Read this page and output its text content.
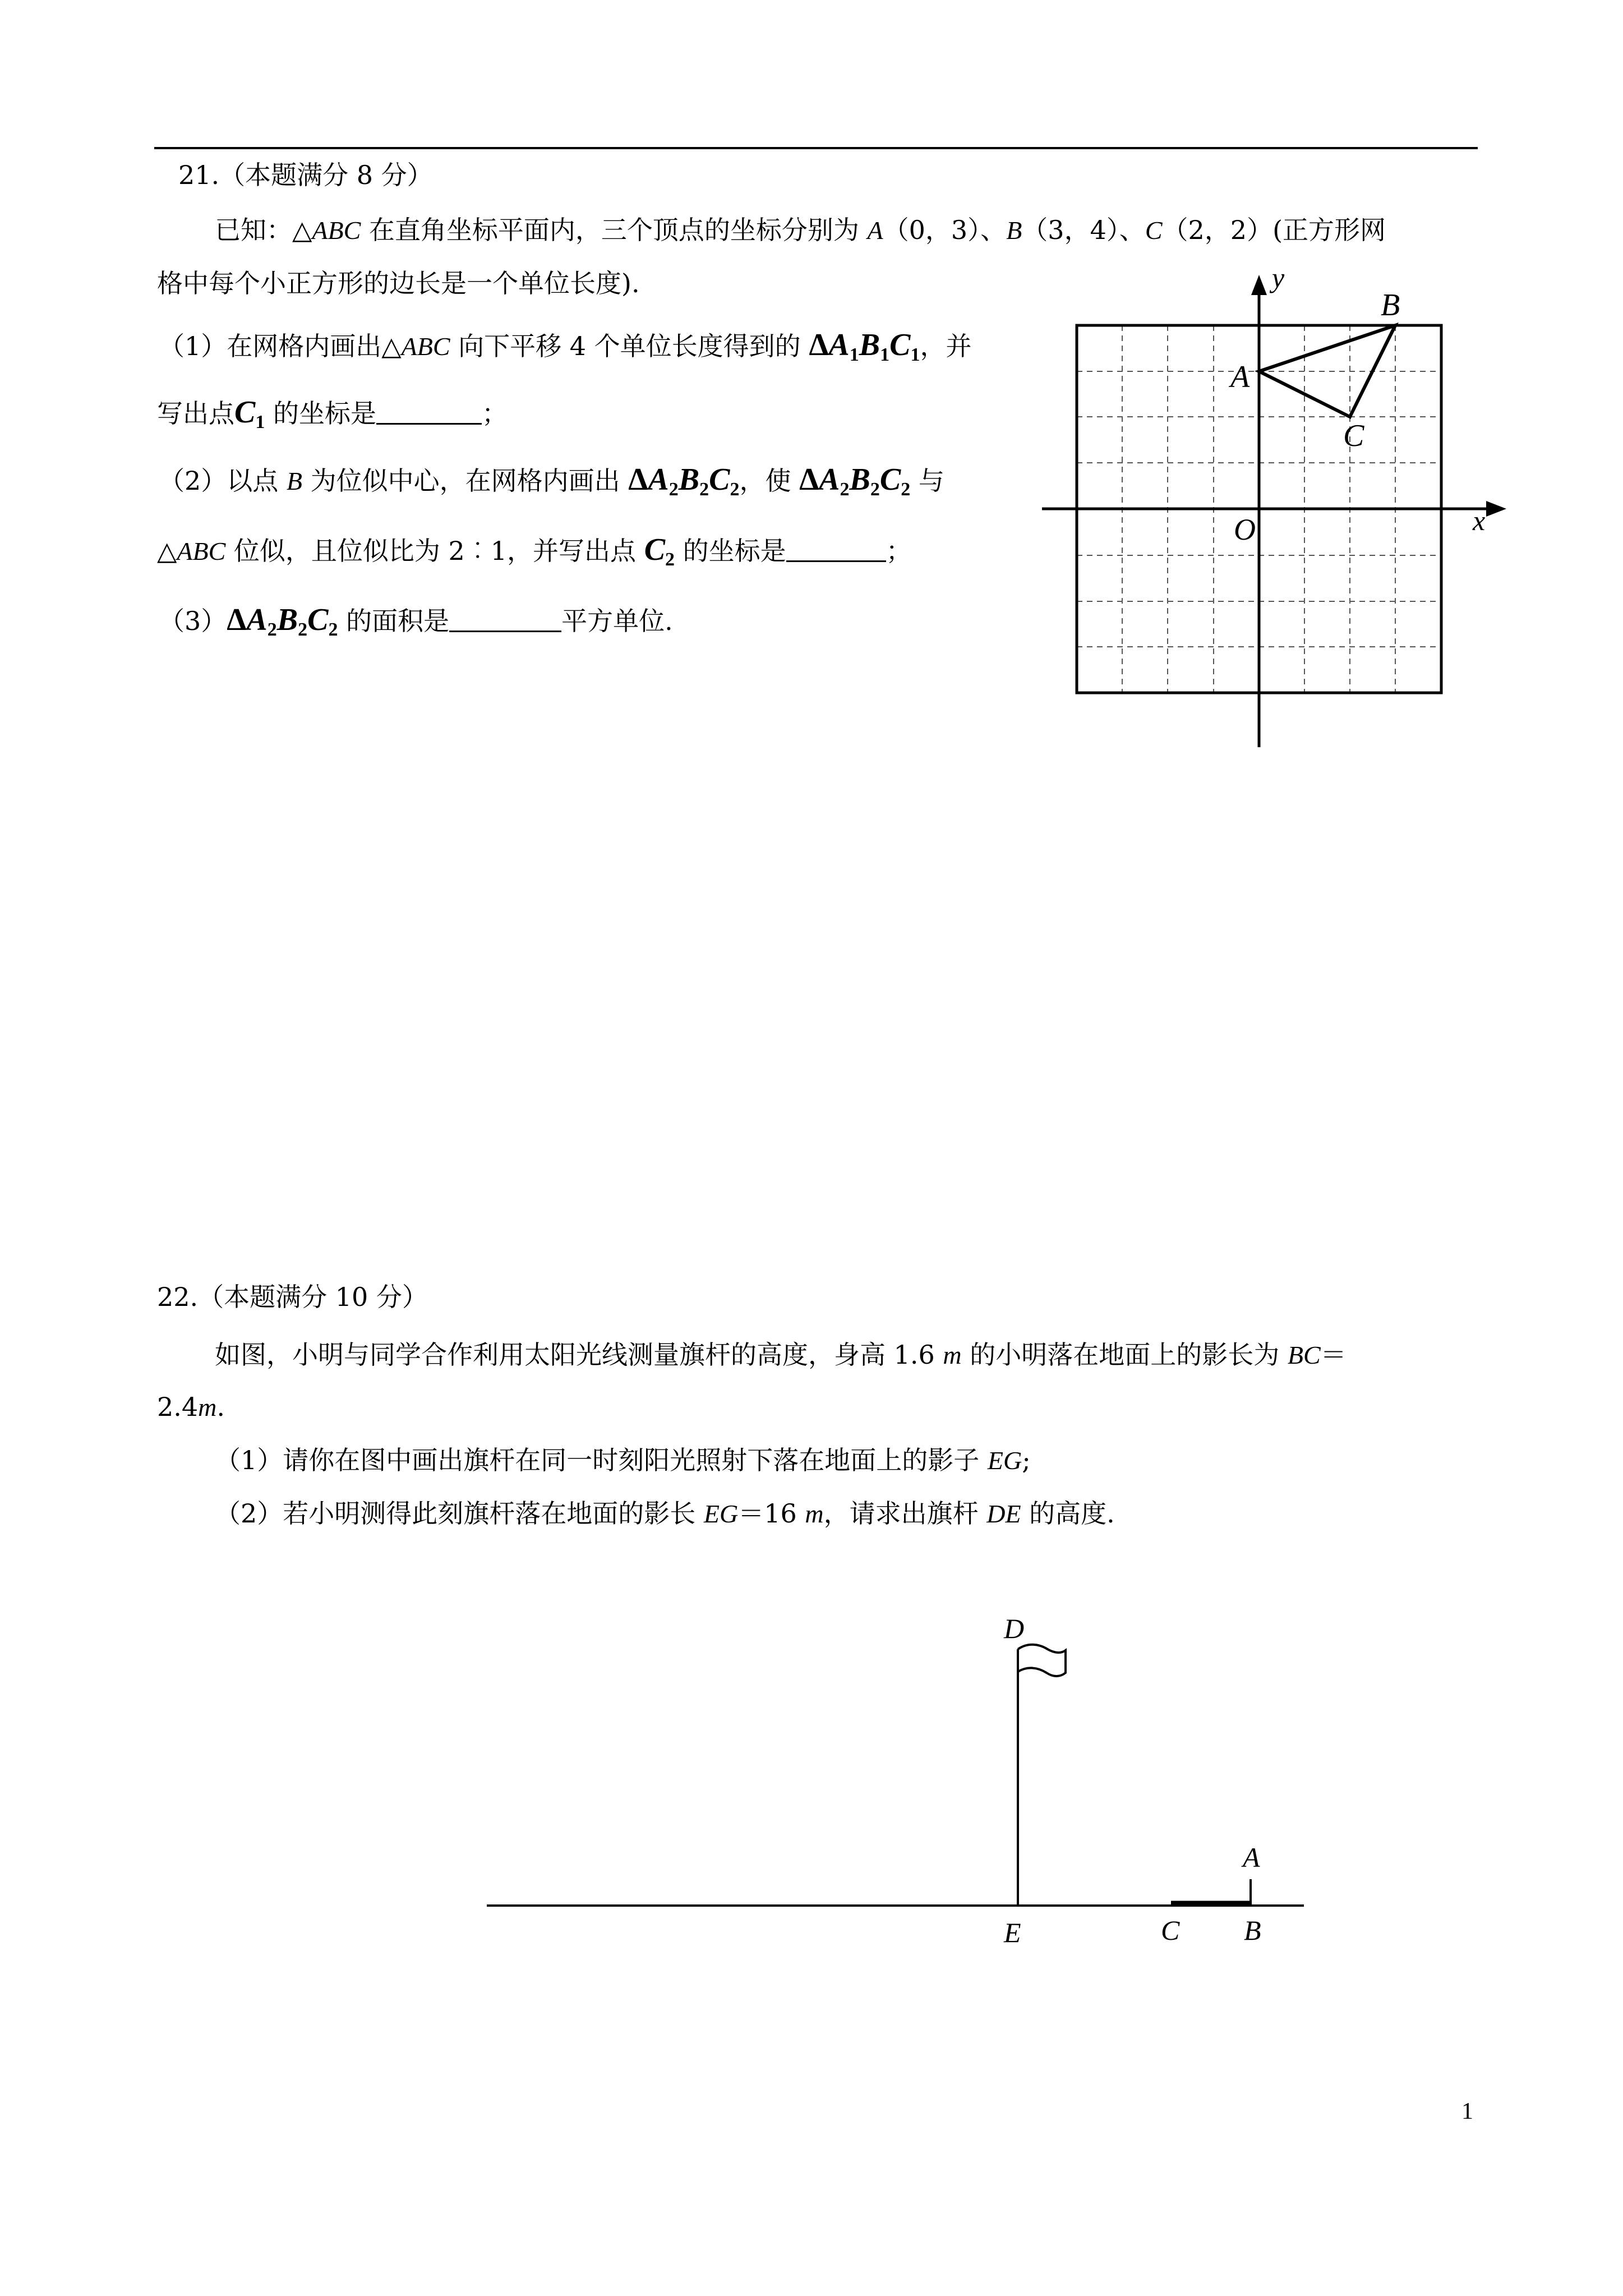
21.（本题满分 8 分）
已知：△ABC 在直角坐标平面内，三个顶点的坐标分别为 A（0，3）、B（3，4）、C（2，2）(正方形网
格中每个小正方形的边长是一个单位长度).
（1）在网格内画出△ABC 向下平移 4 个单位长度得到的 $\Delta A_1B_1C_1$，并
写出点$C_1$ 的坐标是	；
（2）以点 B 为位似中心，在网格内画出 $\Delta A_2B_2C_2$，使 $\Delta A_2B_2C_2$ 与
△ABC 位似，且位似比为 2︰1，并写出点 $C_2$ 的坐标是	；
$(3)\Delta A_2B_2C_2$ 的面积是	平方单位.
y
x
O
A
B
C
22.（本题满分 10 分）
如图，小明与同学合作利用太阳光线测量旗杆的高度，身高 1.6 m 的小明落在地面上的影长为 BC＝
2.4m.
（1）请你在图中画出旗杆在同一时刻阳光照射下落在地面上的影子 EG;
（2）若小明测得此刻旗杆落在地面的影长 EG＝16 m，请求出旗杆 DE 的高度.
D
E	C B
A
1
